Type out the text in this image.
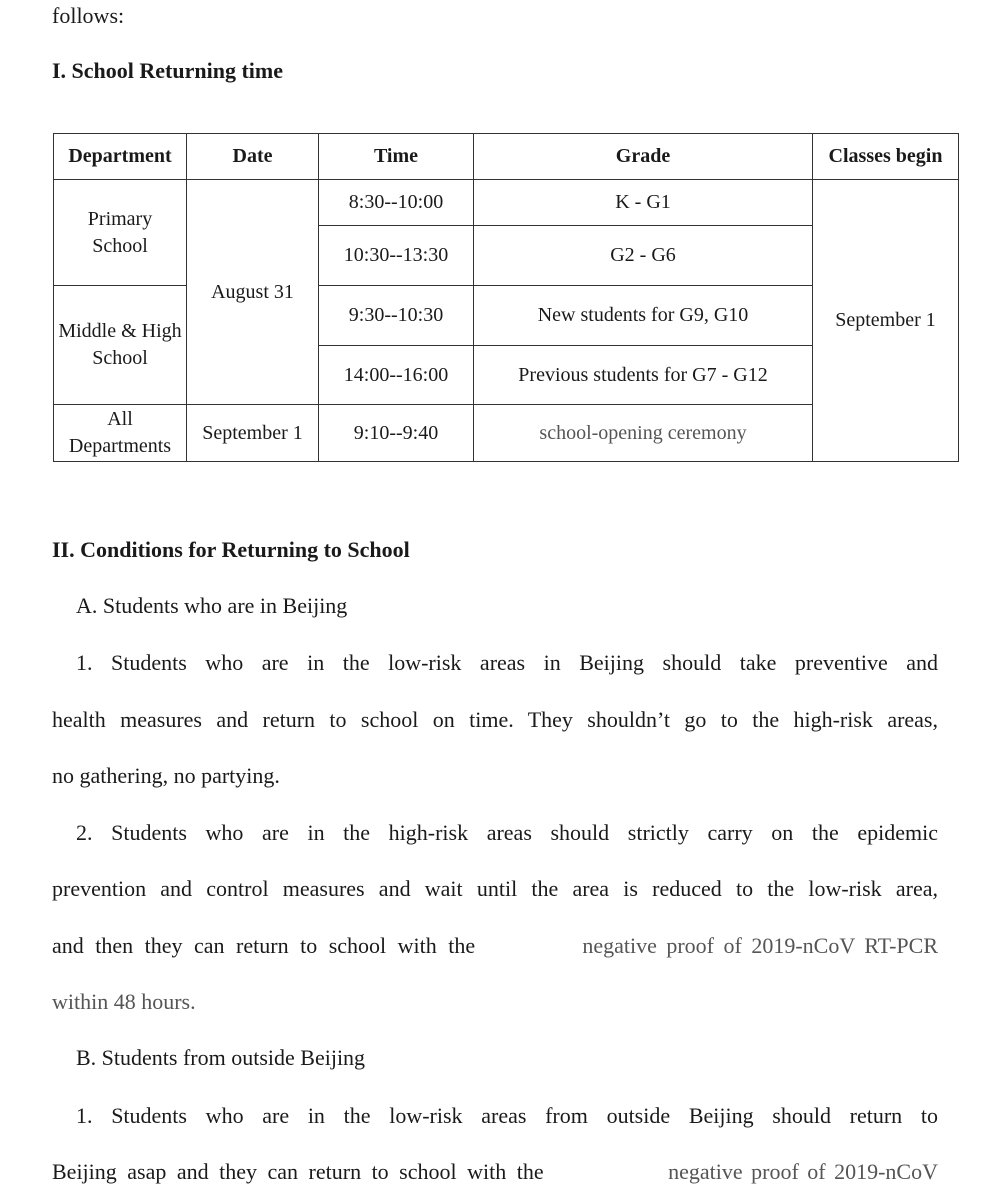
follows:
I. School Returning time
Department	Date	Time	Grade	Classes begin
Primary School	August 31	8:30--10:00	K - G1	September 1
		10:30--13:30	G2 - G6	
Middle & High School		9:30--10:30	New students for G9, G10	
		14:00--16:00	Previous students for G7 - G12	
All Departments	September 1	9:10--9:40	school-opening ceremony	
II. Conditions for Returning to School
A. Students who are in Beijing
1. Students who are in the low-risk areas in Beijing should take preventive and
health measures and return to school on time. They shouldn’t go to the high-risk areas,
no gathering, no partying.
2. Students who are in the high-risk areas should strictly carry on the epidemic
prevention and control measures and wait until the area is reduced to the low-risk area,
and then they can return to school with the	negative proof of 2019-nCoV RT-PCR
within 48 hours.
B. Students from outside Beijing
1. Students who are in the low-risk areas from outside Beijing should return to
Beijing asap and they can return to school with the	negative proof of 2019-nCoV
